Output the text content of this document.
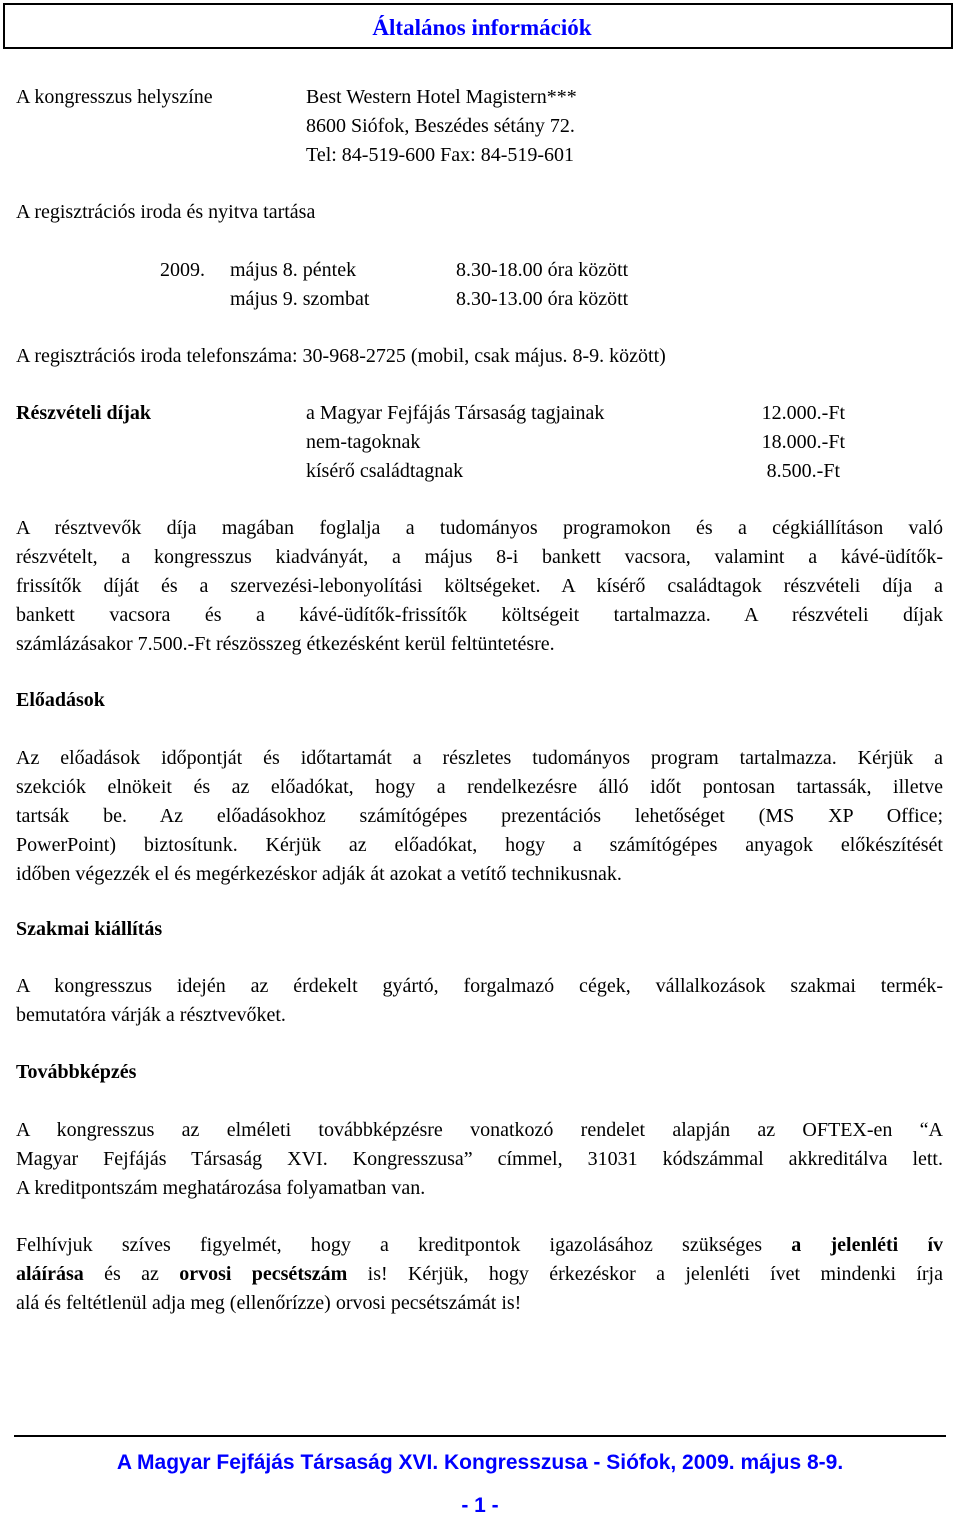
Általános információk
A kongresszus helyszíne	Best Western Hotel Magistern***
8600 Siófok, Beszédes sétány 72.
Tel: 84-519-600 Fax: 84-519-601
A regisztrációs iroda és nyitva tartása
2009. május 8. péntek	8.30-18.00 óra között
május 9. szombat	8.30-13.00 óra között
A regisztrációs iroda telefonszáma: 30-968-2725 (mobil, csak május. 8-9. között)
Részvételi díjak	a Magyar Fejfájás Társaság tagjainak	12.000.-Ft
nem-tagoknak	18.000.-Ft
kísérő családtagnak	8.500.-Ft
A résztvevők díja magában foglalja a tudományos programokon és a cégkiállításon való
részvételt, a kongresszus kiadványát, a május 8-i bankett vacsora, valamint a kávé-üdítők-
frissítők díját és a szervezési-lebonyolítási költségeket. A kísérő családtagok részvételi díja a
bankett vacsora és a kávé-üdítők-frissítők költségeit tartalmazza. A részvételi díjak
számlázásakor 7.500.-Ft részösszeg étkezésként kerül feltüntetésre.
Előadások
Az előadások időpontját és időtartamát a részletes tudományos program tartalmazza. Kérjük a
szekciók elnökeit és az előadókat, hogy a rendelkezésre álló időt pontosan tartassák, illetve
tartsák be. Az előadásokhoz számítógépes prezentációs lehetőséget (MS XP Office;
PowerPoint) biztosítunk. Kérjük az előadókat, hogy a számítógépes anyagok előkészítését
időben végezzék el és megérkezéskor adják át azokat a vetítő technikusnak.
Szakmai kiállítás
A kongresszus idején az érdekelt gyártó, forgalmazó cégek, vállalkozások szakmai termék-
bemutatóra várják a résztvevőket.
Továbbképzés
A kongresszus az elméleti továbbképzésre vonatkozó rendelet alapján az OFTEX-en “A
Magyar Fejfájás Társaság XVI. Kongresszusa” címmel, 31031 kódszámmal akkreditálva lett.
A kreditpontszám meghatározása folyamatban van.
Felhívjuk szíves figyelmét, hogy a kreditpontok igazolásához szükséges a jelenléti ív
aláírása és az orvosi pecsétszám is! Kérjük, hogy érkezéskor a jelenléti ívet mindenki írja
alá és feltétlenül adja meg (ellenőrízze) orvosi pecsétszámát is!
A Magyar Fejfájás Társaság XVI. Kongresszusa - Siófok, 2009. május 8-9.
- 1 -
